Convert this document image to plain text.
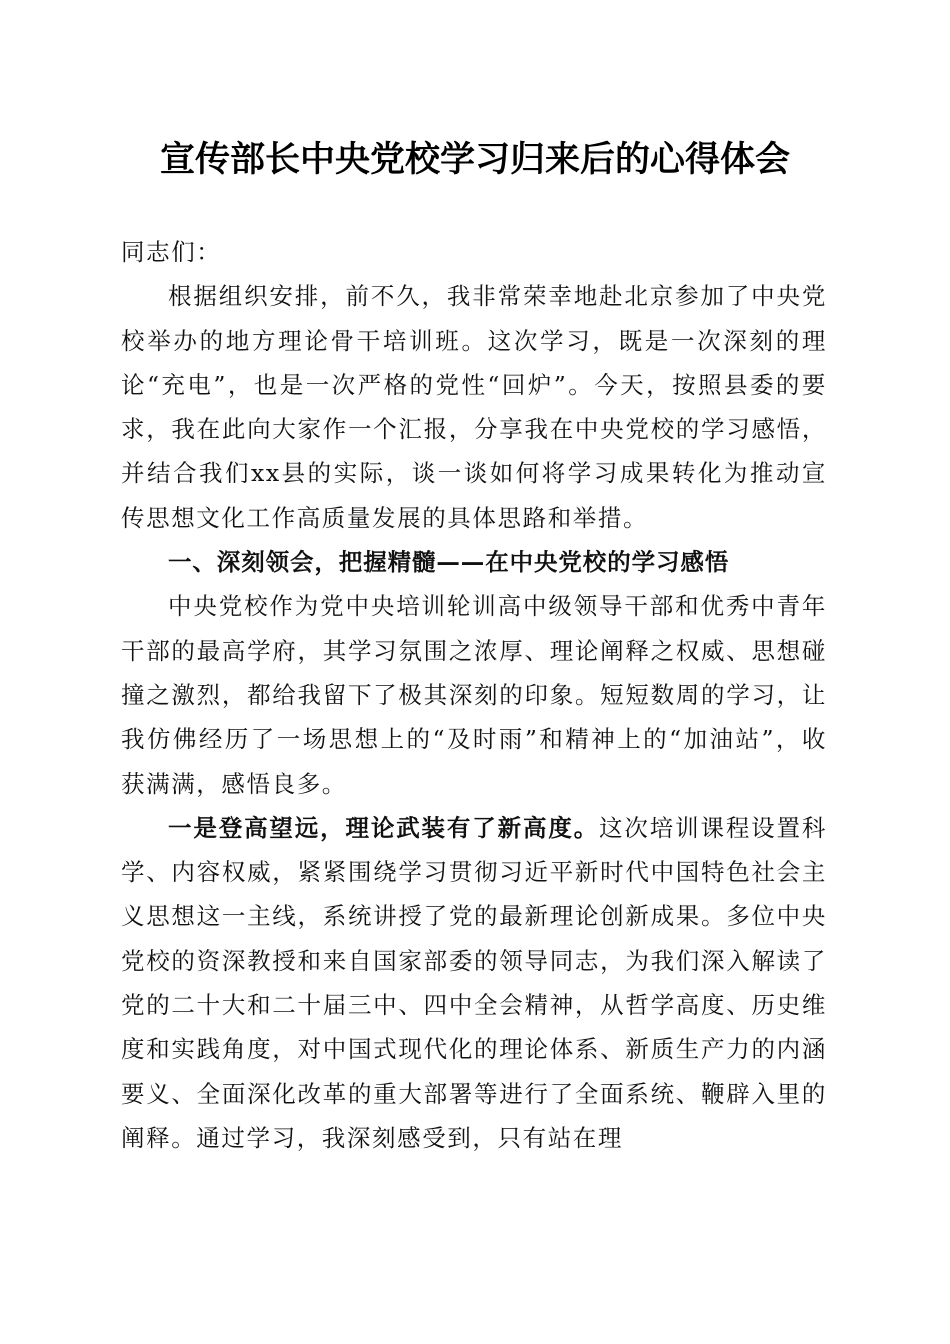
宣传部长中央党校学习归来后的心得体会

同志们：

根据组织安排，前不久，我非常荣幸地赴北京参加了中央党校举办的地方理论骨干培训班。这次学习，既是一次深刻的理论“充电”，也是一次严格的党性“回炉”。今天，按照县委的要求，我在此向大家作一个汇报，分享我在中央党校的学习感悟，并结合我们xx县的实际，谈一谈如何将学习成果转化为推动宣传思想文化工作高质量发展的具体思路和举措。

一、深刻领会，把握精髓——在中央党校的学习感悟

中央党校作为党中央培训轮训高中级领导干部和优秀中青年干部的最高学府，其学习氛围之浓厚、理论阐释之权威、思想碰撞之激烈，都给我留下了极其深刻的印象。短短数周的学习，让我仿佛经历了一场思想上的“及时雨”和精神上的“加油站”，收获满满，感悟良多。

一是登高望远，理论武装有了新高度。这次培训课程设置科学、内容权威，紧紧围绕学习贯彻习近平新时代中国特色社会主义思想这一主线，系统讲授了党的最新理论创新成果。多位中央党校的资深教授和来自国家部委的领导同志，为我们深入解读了党的二十大和二十届三中、四中全会精神，从哲学高度、历史维度和实践角度，对中国式现代化的理论体系、新质生产力的内涵要义、全面深化改革的重大部署等进行了全面系统、鞭辟入里的阐释。通过学习，我深刻感受到，只有站在理
